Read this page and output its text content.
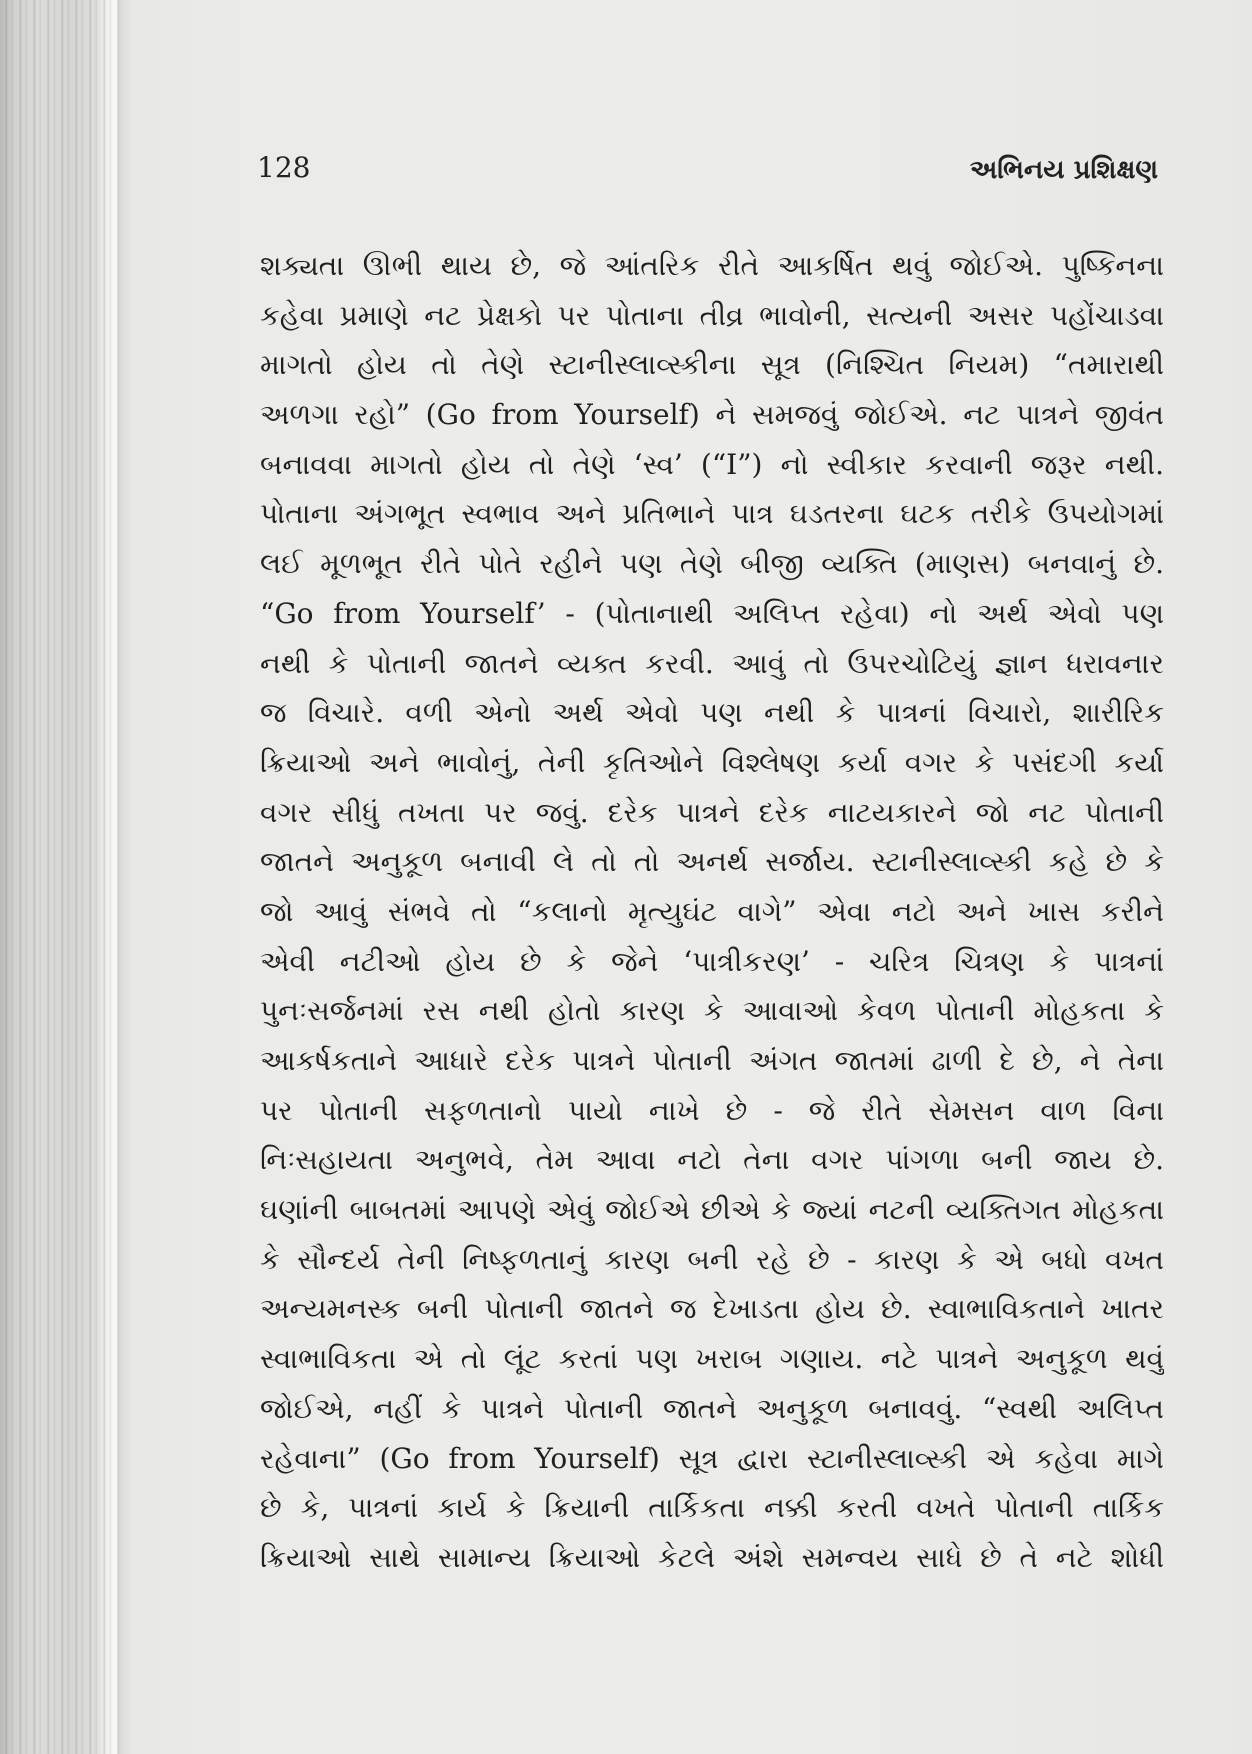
128	અભિનય પ્રશિક્ષણ
શક્યતા ઊભી થાય છે, જે આંતરિક રીતે આકર્ષિત થવું જોઈએ. પુષ્કિનના
કહેવા પ્રમાણે નટ પ્રેક્ષકો પર પોતાના તીવ્ર ભાવોની, સત્યની અસર પહોંચાડવા
માગતો હોય તો તેણે સ્ટાનીસ્લાવ્સ્કીના સૂત્ર (નિશ્ચિત નિયમ) “તમારાથી
અળગા રહો” (Go from Yourself) ને સમજવું જોઈએ. નટ પાત્રને જીવંત
બનાવવા માગતો હોય તો તેણે ‘સ્વ’ (“I”) નો સ્વીકાર કરવાની જરૂર નથી.
પોતાના અંગભૂત સ્વભાવ અને પ્રતિભાને પાત્ર ઘડતરના ઘટક તરીકે ઉપયોગમાં
લઈ મૂળભૂત રીતે પોતે રહીને પણ તેણે બીજી વ્યક્તિ (માણસ) બનવાનું છે.
“Go from Yourself’ - (પોતાનાથી અલિપ્ત રહેવા) નો અર્થ એવો પણ
નથી કે પોતાની જાતને વ્યક્ત કરવી. આવું તો ઉપરચોટિયું જ્ઞાન ધરાવનાર
જ વિચારે. વળી એનો અર્થ એવો પણ નથી કે પાત્રનાં વિચારો, શારીરિક
ક્રિયાઓ અને ભાવોનું, તેની કૃતિઓને વિશ્લેષણ કર્યા વગર કે પસંદગી કર્યા
વગર સીધું તખતા પર જવું. દરેક પાત્રને દરેક નાટયકારને જો નટ પોતાની
જાતને અનુકૂળ બનાવી લે તો તો અનર્થ સર્જાય. સ્ટાનીસ્લાવ્સ્કી કહે છે કે
જો આવું સંભવે તો “કલાનો મૃત્યુઘંટ વાગે” એવા નટો અને ખાસ કરીને
એવી નટીઓ હોય છે કે જેને ‘પાત્રીકરણ’ - ચરિત્ર ચિત્રણ કે પાત્રનાં
પુનઃસર્જનમાં રસ નથી હોતો કારણ કે આવાઓ કેવળ પોતાની મોહકતા કે
આકર્ષકતાને આધારે દરેક પાત્રને પોતાની અંગત જાતમાં ઢાળી દે છે, ને તેના
પર પોતાની સફળતાનો પાયો નાખે છે - જે રીતે સેમસન વાળ વિના
નિઃસહાયતા અનુભવે, તેમ આવા નટો તેના વગર પાંગળા બની જાય છે.
ઘણાંની બાબતમાં આપણે એવું જોઈએ છીએ કે જ્યાં નટની વ્યક્તિગત મોહકતા
કે સૌન્દર્ય તેની નિષ્ફળતાનું કારણ બની રહે છે - કારણ કે એ બધો વખત
અન્યમનસ્ક બની પોતાની જાતને જ દેખાડતા હોય છે. સ્વાભાવિકતાને ખાતર
સ્વાભાવિકતા એ તો લૂંટ કરતાં પણ ખરાબ ગણાય. નટે પાત્રને અનુકૂળ થવું
જોઈએ, નહીં કે પાત્રને પોતાની જાતને અનુકૂળ બનાવવું. “સ્વથી અલિપ્ત
રહેવાના” (Go from Yourself) સૂત્ર દ્વારા સ્ટાનીસ્લાવ્સ્કી એ કહેવા માગે
છે કે, પાત્રનાં કાર્ય કે ક્રિયાની તાર્કિકતા નક્કી કરતી વખતે પોતાની તાર્કિક
ક્રિયાઓ સાથે સામાન્ય ક્રિયાઓ કેટલે અંશે સમન્વય સાધે છે તે નટે શોધી
